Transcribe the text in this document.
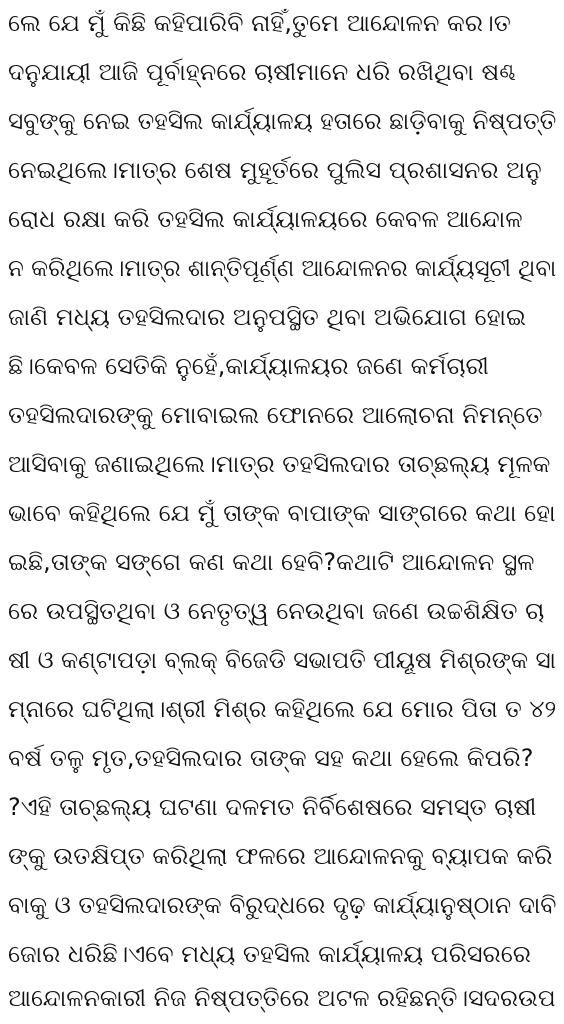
ଲେ ଯେ ମୁଁ କିଛି କହିପାରିବି ନାହିଁ,ତୁମେ ଆନ୍ଦୋଳନ କର।ତ
ଦନୁଯାୟୀ ଆଜି ପୂର୍ବାହ୍ନରେ ଚାଷୀମାନେ ଧରି ରଖିଥିବା ଷଣ୍ଢ
ସବୁଙ୍କୁ ନେଇ ତହସିଲ କାର୍ଯ୍ୟାଳୟ ହତାରେ ଛାଡ଼ିବାକୁ ନିଷ୍ପତ୍ତି
ନେଇଥିଲେ।ମାତ୍ର ଶେଷ ମୁହୂର୍ତରେ ପୁଲିସ ପ୍ରଶାସନର ଅନୁ
ରୋଧ ରକ୍ଷା କରି ତହସିଲ କାର୍ଯ୍ୟାଳୟରେ କେବଳ ଆନ୍ଦୋଳ
ନ କରିଥିଲେ।ମାତ୍ର ଶାନ୍ତିପୂର୍ଣ୍ଣ ଆନ୍ଦୋଳନର କାର୍ଯ୍ୟସୂଚୀ ଥିବା
ଜାଣି ମଧ୍ୟ ତହସିଲଦାର ଅନୁପସ୍ଥିତ ଥିବା ଅଭିଯୋଗ ହୋଇ
ଛି।କେବଳ ସେତିକି ନୁହେଁ,କାର୍ଯ୍ୟାଳୟର ଜଣେ କର୍ମଚାରୀ
ତହସିଲଦାରଙ୍କୁ ମୋବାଇଲ ଫୋନରେ ଆଲୋଚନା ନିମନ୍ତେ
ଆସିବାକୁ ଜଣାଇଥିଲେ।ମାତ୍ର ତହସିଲଦାର ତାଚ୍ଛଲ୍ୟ ମୂଳକ
ଭାବେ କହିଥିଲେ ଯେ ମୁଁ ତାଙ୍କ ବାପାଙ୍କ ସାଙ୍ଗରେ କଥା ହୋ
ଇଛି,ତାଙ୍କ ସଙ୍ଗେ କଣ କଥା ହେବି?କଥାଟି ଆନ୍ଦୋଳନ ସ୍ଥଳ
ରେ ଉପସ୍ଥିତଥିବା ଓ ନେତୃତ୍ୱ ନେଉଥିବା ଜଣେ ଉଚ୍ଚଶିକ୍ଷିତ ଚା
ଷୀ ଓ କଣ୍ଟାପଡ଼ା ବ୍ଲକ୍ ବିଜେଡି ସଭାପତି ପୀୟୂଷ ମିଶ୍ରଙ୍କ ସା
ମ୍ନାରେ ଘଟିଥିଲା।ଶ୍ରୀ ମିଶ୍ର କହିଥିଲେ ଯେ ମୋର ପିତା ତ ୪୨
ବର୍ଷ ତଳୁ ମୃତ,ତହସିଲଦାର ତାଙ୍କ ସହ କଥା ହେଲେ କିପରି?
?ଏହି ତାଚ୍ଛଲ୍ୟ ଘଟଣା ଦଳମତ ନିର୍ବିଶେଷରେ ସମସ୍ତ ଚାଷୀ
ଙ୍କୁ ଉତକ୍ଷିପ୍ତ କରିଥିଲା ଫଳରେ ଆନ୍ଦୋଳନକୁ ବ୍ୟାପକ କରି
ବାକୁ ଓ ତହସିଲଦାରଙ୍କ ବିରୁଦ୍ଧରେ ଦୃଢ଼ କାର୍ଯ୍ୟାନୁଷ୍ଠାନ ଦାବି
ଜୋର ଧରିଛି।ଏବେ ମଧ୍ୟ ତହସିଲ କାର୍ଯ୍ୟାଳୟ ପରିସରରେ
ଆନ୍ଦୋଳନକାରୀ ନିଜ ନିଷ୍ପତ୍ତିରେ ଅଟଳ ରହିଛନ୍ତି।ସଦରଉପ
